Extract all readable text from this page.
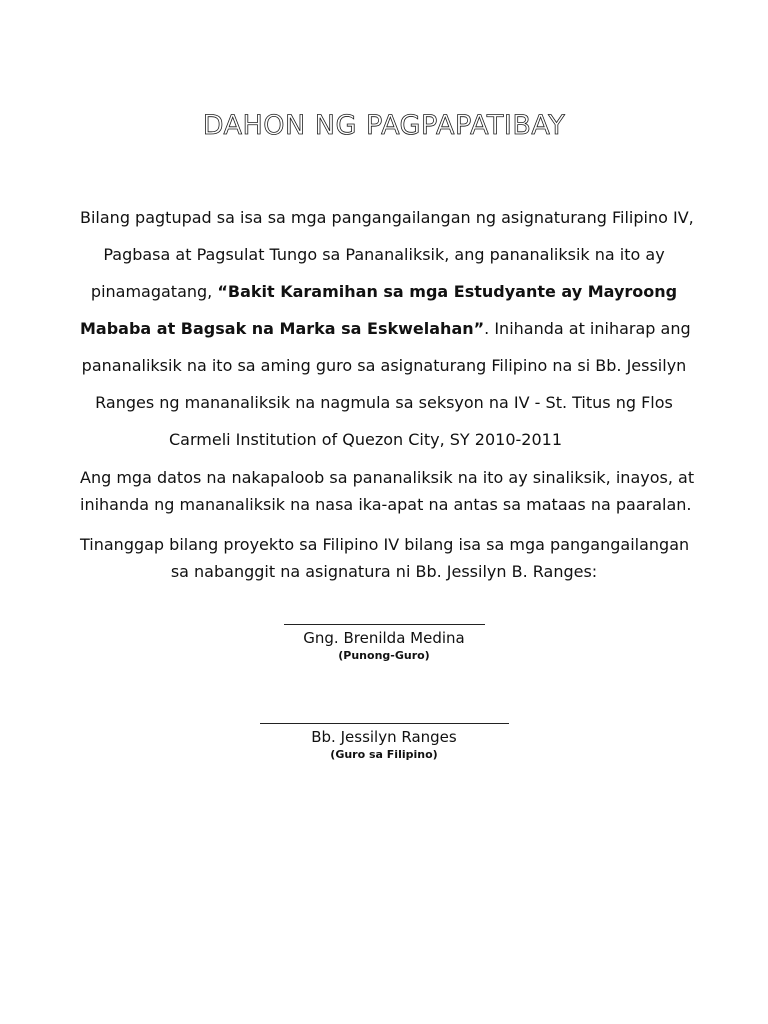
DAHON NG PAGPAPATIBAY

Bilang pagtupad sa isa sa mga pangangailangan ng asignaturang Filipino IV,
Pagbasa at Pagsulat Tungo sa Pananaliksik, ang pananaliksik na ito ay
pinamagatang, “Bakit Karamihan sa mga Estudyante ay Mayroong
Mababa at Bagsak na Marka sa Eskwelahan”. Inihanda at iniharap ang
pananaliksik na ito sa aming guro sa asignaturang Filipino na si Bb. Jessilyn
Ranges ng mananaliksik na nagmula sa seksyon na IV - St. Titus ng Flos
Carmeli Institution of Quezon City, SY 2010-2011

Ang mga datos na nakapaloob sa pananaliksik na ito ay sinaliksik, inayos, at
inihanda ng mananaliksik na nasa ika-apat na antas sa mataas na paaralan.

Tinanggap bilang proyekto sa Filipino IV bilang isa sa mga pangangailangan
sa nabanggit na asignatura ni Bb. Jessilyn B. Ranges:

Gng. Brenilda Medina
(Punong-Guro)
Bb. Jessilyn Ranges
(Guro sa Filipino)
